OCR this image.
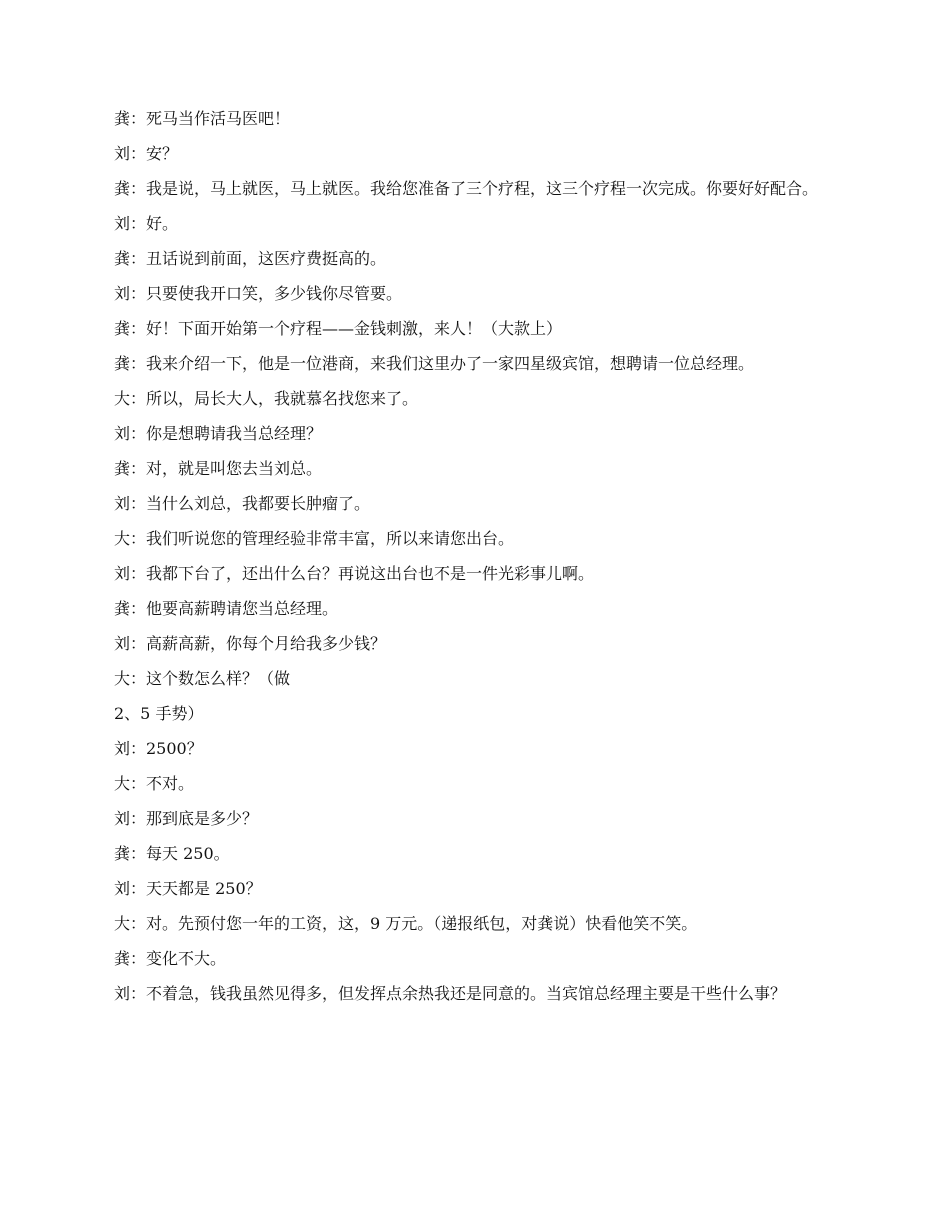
龚：死马当作活马医吧！

刘：安？

龚：我是说，马上就医，马上就医。我给您准备了三个疗程，这三个疗程一次完成。你要好好配合。

刘：好。

龚：丑话说到前面，这医疗费挺高的。

刘：只要使我开口笑，多少钱你尽管要。

龚：好！下面开始第一个疗程——金钱刺激，来人！（大款上）

龚：我来介绍一下，他是一位港商，来我们这里办了一家四星级宾馆，想聘请一位总经理。

大：所以，局长大人，我就慕名找您来了。

刘：你是想聘请我当总经理？

龚：对，就是叫您去当刘总。

刘：当什么刘总，我都要长肿瘤了。

大：我们听说您的管理经验非常丰富，所以来请您出台。

刘：我都下台了，还出什么台？再说这出台也不是一件光彩事儿啊。

龚：他要高薪聘请您当总经理。

刘：高薪高薪，你每个月给我多少钱？

大：这个数怎么样？（做

2、5 手势）

刘：2500？

大：不对。

刘：那到底是多少？

龚：每天 250。

刘：天天都是 250？

大：对。先预付您一年的工资，这，9 万元。（递报纸包，对龚说）快看他笑不笑。

龚：变化不大。

刘：不着急，钱我虽然见得多，但发挥点余热我还是同意的。当宾馆总经理主要是干些什么事？
